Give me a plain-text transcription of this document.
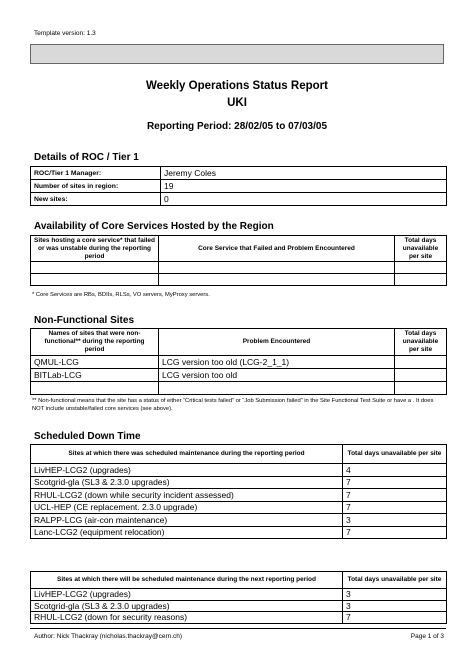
Template version: 1.3
Weekly Operations Status Report
UKI
Reporting Period: 28/02/05 to 07/03/05
Details of ROC / Tier 1
ROC/Tier 1 Manager:	Jeremy Coles
Number of sites in region:	19
New sites:	0
Availability of Core Services Hosted by the Region
Sites hosting a core service* that failed or was unstable during the reporting period	Core Service that Failed and Problem Encountered	Total days unavailable per site

* Core Services are RBs, BDIIs, RLSs, VO servers, MyProxy servers.
Non-Functional Sites
Names of sites that were non-functional** during the reporting period	Problem Encountered	Total days unavailable per site
QMUL-LCG	LCG version too old (LCG-2_1_1)	
BITLab-LCG	LCG version too old	

** Non-functional means that the site has a status of either “Critical tests failed” or “Job Submission failed” in the Site Functional Test Suite or have a . It does NOT include unstable/failed core services (see above).
Scheduled Down Time
Sites at which there was scheduled maintenance during the reporting period	Total days unavailable per site
LivHEP-LCG2 (upgrades)	4
Scotgrid-gla (SL3 & 2.3.0 upgrades)	7
RHUL-LCG2 (down while security incident assessed)	7
UCL-HEP (CE replacement. 2.3.0 upgrade)	7
RALPP-LCG (air-con maintenance)	3
Lanc-LCG2 (equipment relocation)	7
Sites at which there will be scheduled maintenance during the next reporting period	Total days unavailable per site
LivHEP-LCG2 (upgrades)	3
Scotgrid-gla (SL3 & 2.3.0 upgrades)	3
RHUL-LCG2 (down for security reasons)	7
Author: Nick Thackray (nicholas.thackray@cern.ch)	Page 1 of 3
